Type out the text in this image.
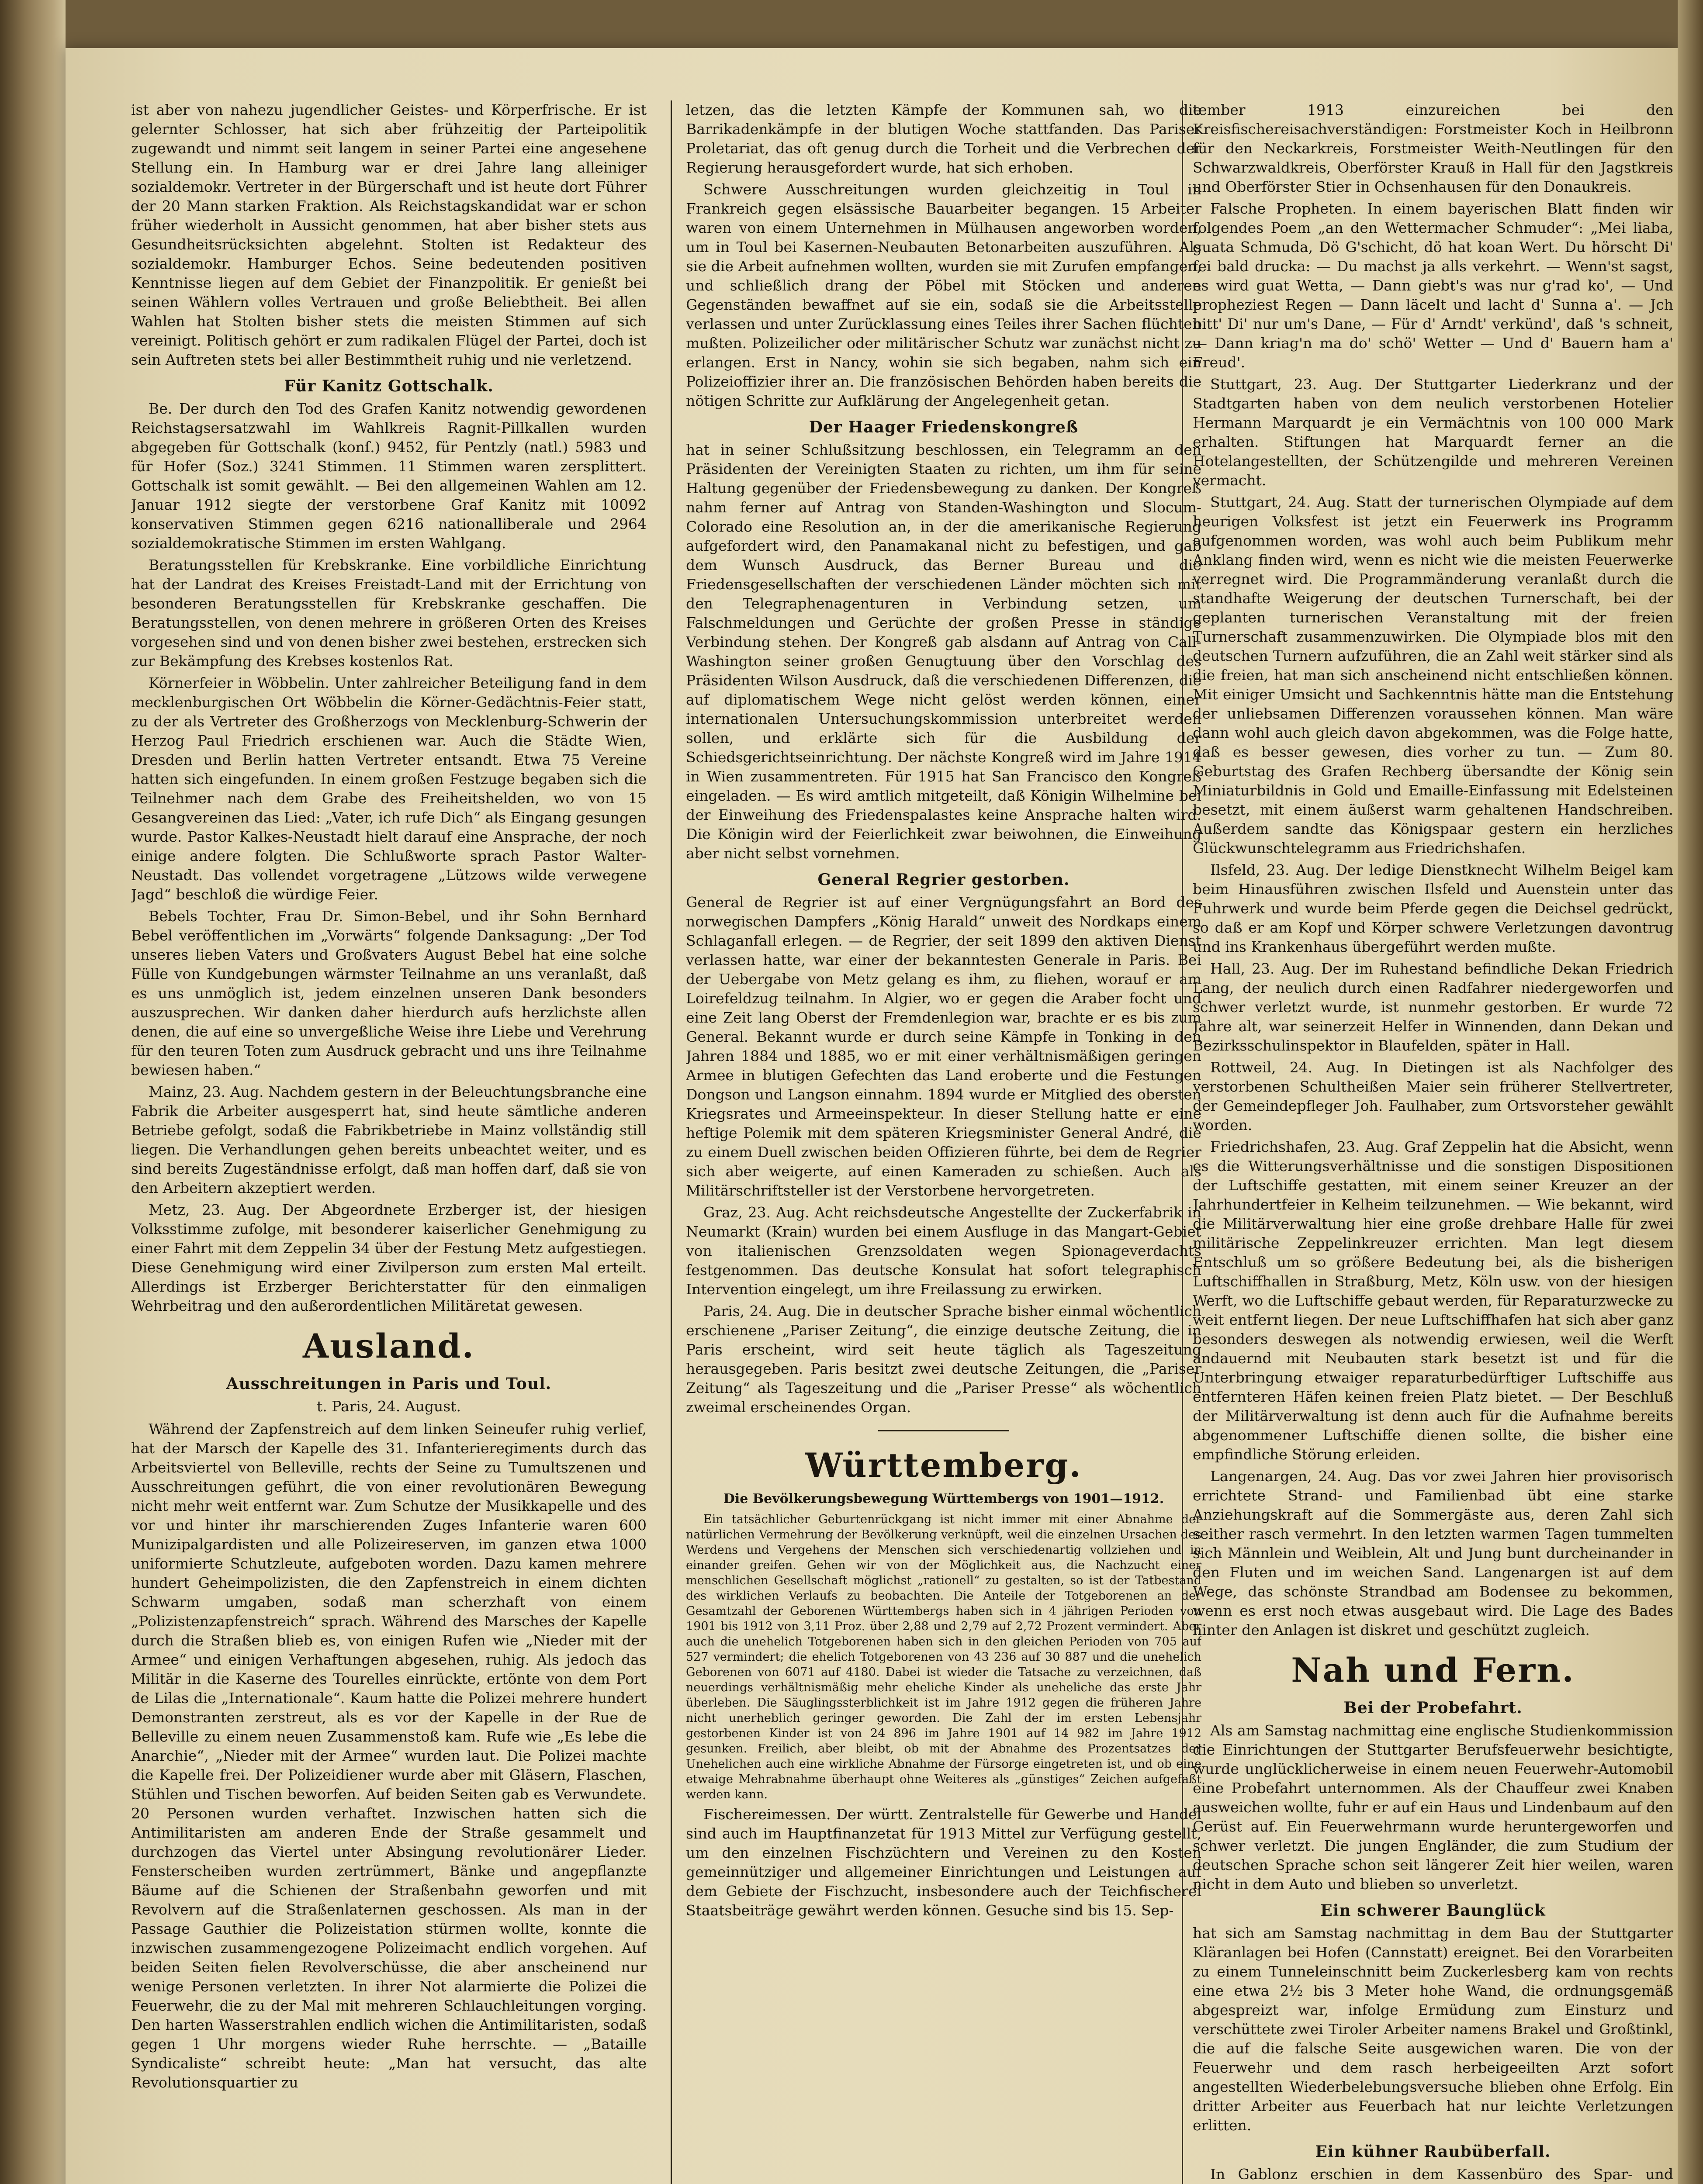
ist aber von nahezu jugendlicher Geistes- und Körperfrische. Er ist gelernter Schlosser, hat sich aber frühzeitig der Parteipolitik zugewandt und nimmt seit langem in seiner Partei eine angesehene Stellung ein. In Hamburg war er drei Jahre lang alleiniger sozialdemokr. Vertreter in der Bürgerschaft und ist heute dort Führer der 20 Mann starken Fraktion. Als Reichstagskandidat war er schon früher wiederholt in Aussicht genommen, hat aber bisher stets aus Gesundheitsrücksichten abgelehnt. Stolten ist Redakteur des sozialdemokr. Hamburger Echos. Seine bedeutenden positiven Kenntnisse liegen auf dem Gebiet der Finanzpolitik. Er genießt bei seinen Wählern volles Vertrauen und große Beliebtheit. Bei allen Wahlen hat Stolten bisher stets die meisten Stimmen auf sich vereinigt. Politisch gehört er zum radikalen Flügel der Partei, doch ist sein Auftreten stets bei aller Bestimmtheit ruhig und nie verletzend.

Für Kanitz Gottschalk.

Be. Der durch den Tod des Grafen Kanitz notwendig gewordenen Reichstagsersatzwahl im Wahlkreis Ragnit-Pillkallen wurden abgegeben für Gottschalk (konſ.) 9452, für Pentzly (natl.) 5983 und für Hofer (Soz.) 3241 Stimmen. 11 Stimmen waren zersplittert. Gottschalk ist somit gewählt. — Bei den allgemeinen Wahlen am 12. Januar 1912 siegte der verstorbene Graf Kanitz mit 10092 konservativen Stimmen gegen 6216 nationalliberale und 2964 sozialdemokratische Stimmen im ersten Wahlgang.

Beratungsstellen für Krebskranke. Eine vorbildliche Einrichtung hat der Landrat des Kreises Freistadt-Land mit der Errichtung von besonderen Beratungsstellen für Krebskranke geschaffen. Die Beratungsstellen, von denen mehrere in größeren Orten des Kreises vorgesehen sind und von denen bisher zwei bestehen, erstrecken sich zur Bekämpfung des Krebses kostenlos Rat.

Körnerfeier in Wöbbelin. Unter zahlreicher Beteiligung fand in dem mecklenburgischen Ort Wöbbelin die Körner-Gedächtnis-Feier statt, zu der als Vertreter des Großherzogs von Mecklenburg-Schwerin der Herzog Paul Friedrich erschienen war. Auch die Städte Wien, Dresden und Berlin hatten Vertreter entsandt. Etwa 75 Vereine hatten sich eingefunden. In einem großen Festzuge begaben sich die Teilnehmer nach dem Grabe des Freiheitshelden, wo von 15 Gesangvereinen das Lied: „Vater, ich rufe Dich“ als Eingang gesungen wurde. Pastor Kalkes-Neustadt hielt darauf eine Ansprache, der noch einige andere folgten. Die Schlußworte sprach Pastor Walter-Neustadt. Das vollendet vorgetragene „Lützows wilde verwegene Jagd“ beschloß die würdige Feier.

Bebels Tochter, Frau Dr. Simon-Bebel, und ihr Sohn Bernhard Bebel veröffentlichen im „Vorwärts“ folgende Danksagung: „Der Tod unseres lieben Vaters und Großvaters August Bebel hat eine solche Fülle von Kundgebungen wärmster Teilnahme an uns veranlaßt, daß es uns unmöglich ist, jedem einzelnen unseren Dank besonders auszusprechen. Wir danken daher hierdurch aufs herzlichste allen denen, die auf eine so unvergeßliche Weise ihre Liebe und Verehrung für den teuren Toten zum Ausdruck gebracht und uns ihre Teilnahme bewiesen haben.“

Mainz, 23. Aug. Nachdem gestern in der Beleuchtungsbranche eine Fabrik die Arbeiter ausgesperrt hat, sind heute sämtliche anderen Betriebe gefolgt, sodaß die Fabrikbetriebe in Mainz vollständig still liegen. Die Verhandlungen gehen bereits unbeachtet weiter, und es sind bereits Zugeständnisse erfolgt, daß man hoffen darf, daß sie von den Arbeitern akzeptiert werden.

Metz, 23. Aug. Der Abgeordnete Erzberger ist, der hiesigen Volksstimme zufolge, mit besonderer kaiserlicher Genehmigung zu einer Fahrt mit dem Zeppelin 34 über der Festung Metz aufgestiegen. Diese Genehmigung wird einer Zivilperson zum ersten Mal erteilt. Allerdings ist Erzberger Berichterstatter für den einmaligen Wehrbeitrag und den außerordentlichen Militäretat gewesen.

Ausland.
Ausschreitungen in Paris und Toul.
t. Paris, 24. August.

Während der Zapfenstreich auf dem linken Seineufer ruhig verlief, hat der Marsch der Kapelle des 31. Infanterieregiments durch das Arbeitsviertel von Belleville, rechts der Seine zu Tumultszenen und Ausschreitungen geführt, die von einer revolutionären Bewegung nicht mehr weit entfernt war. Zum Schutze der Musikkapelle und des vor und hinter ihr marschierenden Zuges Infanterie waren 600 Munizipalgardisten und alle Polizeireserven, im ganzen etwa 1000 uniformierte Schutzleute, aufgeboten worden. Dazu kamen mehrere hundert Geheimpolizisten, die den Zapfenstreich in einem dichten Schwarm umgaben, sodaß man scherzhaft von einem „Polizistenzapfenstreich“ sprach. Während des Marsches der Kapelle durch die Straßen blieb es, von einigen Rufen wie „Nieder mit der Armee“ und einigen Verhaftungen abgesehen, ruhig. Als jedoch das Militär in die Kaserne des Tourelles einrückte, ertönte von dem Port de Lilas die „Internationale“. Kaum hatte die Polizei mehrere hundert Demonstranten zerstreut, als es vor der Kapelle in der Rue de Belleville zu einem neuen Zusammenstoß kam. Rufe wie „Es lebe die Anarchie“, „Nieder mit der Armee“ wurden laut. Die Polizei machte die Kapelle frei. Der Polizeidiener wurde aber mit Gläsern, Flaschen, Stühlen und Tischen beworfen. Auf beiden Seiten gab es Verwundete. 20 Personen wurden verhaftet. Inzwischen hatten sich die Antimilitaristen am anderen Ende der Straße gesammelt und durchzogen das Viertel unter Absingung revolutionärer Lieder. Fensterscheiben wurden zertrümmert, Bänke und angepflanzte Bäume auf die Schienen der Straßenbahn geworfen und mit Revolvern auf die Straßenlaternen geschossen. Als man in der Passage Gauthier die Polizeistation stürmen wollte, konnte die inzwischen zusammengezogene Polizeimacht endlich vorgehen. Auf beiden Seiten fielen Revolverschüsse, die aber anscheinend nur wenige Personen verletzten. In ihrer Not alarmierte die Polizei die Feuerwehr, die zu der Mal mit mehreren Schlauchleitungen vorging. Den harten Wasserstrahlen endlich wichen die Antimilitaristen, sodaß gegen 1 Uhr morgens wieder Ruhe herrschte. — „Bataille Syndicaliste“ schreibt heute: „Man hat versucht, das alte Revolutionsquartier zu

letzen, das die letzten Kämpfe der Kommunen sah, wo die Barrikadenkämpfe in der blutigen Woche stattfanden. Das Pariser Proletariat, das oft genug durch die Torheit und die Verbrechen der Regierung herausgefordert wurde, hat sich erhoben.

Schwere Ausschreitungen wurden gleichzeitig in Toul in Frankreich gegen elsässische Bauarbeiter begangen. 15 Arbeiter waren von einem Unternehmen in Mülhausen angeworben worden, um in Toul bei Kasernen-Neubauten Betonarbeiten auszuführen. Als sie die Arbeit aufnehmen wollten, wurden sie mit Zurufen empfangen, und schließlich drang der Pöbel mit Stöcken und anderen Gegenständen bewaffnet auf sie ein, sodaß sie die Arbeitsstelle verlassen und unter Zurücklassung eines Teiles ihrer Sachen flüchten mußten. Polizeilicher oder militärischer Schutz war zunächst nicht zu erlangen. Erst in Nancy, wohin sie sich begaben, nahm sich ein Polizeioffizier ihrer an. Die französischen Behörden haben bereits die nötigen Schritte zur Aufklärung der Angelegenheit getan.

Der Haager Friedenskongreß

hat in seiner Schlußsitzung beschlossen, ein Telegramm an den Präsidenten der Vereinigten Staaten zu richten, um ihm für seine Haltung gegenüber der Friedensbewegung zu danken. Der Kongreß nahm ferner auf Antrag von Standen-Washington und Slocum-Colorado eine Resolution an, in der die amerikanische Regierung aufgefordert wird, den Panamakanal nicht zu befestigen, und gab dem Wunsch Ausdruck, das Berner Bureau und die Friedensgesellschaften der verschiedenen Länder möchten sich mit den Telegraphenagenturen in Verbindung setzen, um Falschmeldungen und Gerüchte der großen Presse in ständige Verbindung stehen. Der Kongreß gab alsdann auf Antrag von Call-Washington seiner großen Genugtuung über den Vorschlag des Präsidenten Wilson Ausdruck, daß die verschiedenen Differenzen, die auf diplomatischem Wege nicht gelöst werden können, einer internationalen Untersuchungskommission unterbreitet werden sollen, und erklärte sich für die Ausbildung der Schiedsgerichtseinrichtung. Der nächste Kongreß wird im Jahre 1914 in Wien zusammentreten. Für 1915 hat San Francisco den Kongreß eingeladen. — Es wird amtlich mitgeteilt, daß Königin Wilhelmine bei der Einweihung des Friedenspalastes keine Ansprache halten wird. Die Königin wird der Feierlichkeit zwar beiwohnen, die Einweihung aber nicht selbst vornehmen.

General Regrier gestorben.

General de Regrier ist auf einer Vergnügungsfahrt an Bord des norwegischen Dampfers „König Harald“ unweit des Nordkaps einem Schlaganfall erlegen. — de Regrier, der seit 1899 den aktiven Dienst verlassen hatte, war einer der bekanntesten Generale in Paris. Bei der Uebergabe von Metz gelang es ihm, zu fliehen, worauf er am Loirefeldzug teilnahm. In Algier, wo er gegen die Araber focht und eine Zeit lang Oberst der Fremdenlegion war, brachte er es bis zum General. Bekannt wurde er durch seine Kämpfe in Tonking in den Jahren 1884 und 1885, wo er mit einer verhältnismäßigen geringen Armee in blutigen Gefechten das Land eroberte und die Festungen Dongson und Langson einnahm. 1894 wurde er Mitglied des obersten Kriegsrates und Armeeinspekteur. In dieser Stellung hatte er eine heftige Polemik mit dem späteren Kriegsminister General André, die zu einem Duell zwischen beiden Offizieren führte, bei dem de Regrier sich aber weigerte, auf einen Kameraden zu schießen. Auch als Militärschriftsteller ist der Verstorbene hervorgetreten.

Graz, 23. Aug. Acht reichsdeutsche Angestellte der Zuckerfabrik in Neumarkt (Krain) wurden bei einem Ausfluge in das Mangart-Gebiet von italienischen Grenzsoldaten wegen Spionageverdachts festgenommen. Das deutsche Konsulat hat sofort telegraphisch Intervention eingelegt, um ihre Freilassung zu erwirken.

Paris, 24. Aug. Die in deutscher Sprache bisher einmal wöchentlich erschienene „Pariser Zeitung“, die einzige deutsche Zeitung, die in Paris erscheint, wird seit heute täglich als Tageszeitung herausgegeben. Paris besitzt zwei deutsche Zeitungen, die „Pariser Zeitung“ als Tageszeitung und die „Pariser Presse“ als wöchentlich zweimal erscheinendes Organ.

Württemberg.
Die Bevölkerungsbewegung Württembergs von 1901—1912.

Ein tatsächlicher Geburtenrückgang ist nicht immer mit einer Abnahme der natürlichen Vermehrung der Bevölkerung verknüpft, weil die einzelnen Ursachen des Werdens und Vergehens der Menschen sich verschiedenartig vollziehen und in einander greifen. Gehen wir von der Möglichkeit aus, die Nachzucht einer menschlichen Gesellschaft möglichst „rationell“ zu gestalten, so ist der Tatbestand des wirklichen Verlaufs zu beobachten. Die Anteile der Totgeborenen an der Gesamtzahl der Geborenen Württembergs haben sich in 4 jährigen Perioden von 1901 bis 1912 von 3,11 Proz. über 2,88 und 2,79 auf 2,72 Prozent vermindert. Aber auch die unehelich Totgeborenen haben sich in den gleichen Perioden von 705 auf 527 vermindert; die ehelich Totgeborenen von 43 236 auf 30 887 und die unehelich Geborenen von 6071 auf 4180. Dabei ist wieder die Tatsache zu verzeichnen, daß neuerdings verhältnismäßig mehr eheliche Kinder als uneheliche das erste Jahr überleben. Die Säuglingssterblichkeit ist im Jahre 1912 gegen die früheren Jahre nicht unerheblich geringer geworden. Die Zahl der im ersten Lebensjahr gestorbenen Kinder ist von 24 896 im Jahre 1901 auf 14 982 im Jahre 1912 gesunken. Freilich, aber bleibt, ob mit der Abnahme des Prozentsatzes der Unehelichen auch eine wirkliche Abnahme der Fürsorge eingetreten ist, und ob eine etwaige Mehrabnahme überhaupt ohne Weiteres als „günstiges“ Zeichen aufgefaßt werden kann.

Fischereimessen. Der württ. Zentralstelle für Gewerbe und Handel sind auch im Hauptfinanzetat für 1913 Mittel zur Verfügung gestellt, um den einzelnen Fischzüchtern und Vereinen zu den Kosten gemeinnütziger und allgemeiner Einrichtungen und Leistungen auf dem Gebiete der Fischzucht, insbesondere auch der Teichfischerei Staatsbeiträge gewährt werden können. Gesuche sind bis 15. Sep-

tember 1913 einzureichen bei den Kreisfischereisachverständigen: Forstmeister Koch in Heilbronn für den Neckarkreis, Forstmeister Weith-Neutlingen für den Schwarzwaldkreis, Oberförster Krauß in Hall für den Jagstkreis und Oberförster Stier in Ochsenhausen für den Donaukreis.

Falsche Propheten. In einem bayerischen Blatt finden wir folgendes Poem „an den Wettermacher Schmuder“: „Mei liaba, guata Schmuda, Dö G'schicht, dö hat koan Wert. Du hörscht Di' fei bald drucka: — Du machst ja alls verkehrt. — Wenn'st sagst, es wird guat Wetta, — Dann giebt's was nur g'rad ko', — Und propheziest Regen — Dann läcelt und lacht d' Sunna a'. — Jch bitt' Di' nur um's Dane, — Für d' Arndt' verkünd', daß 's schneit, — Dann kriag'n ma do' schö' Wetter — Und d' Bauern ham a' Freud'.

Stuttgart, 23. Aug. Der Stuttgarter Liederkranz und der Stadtgarten haben von dem neulich verstorbenen Hotelier Hermann Marquardt je ein Vermächtnis von 100 000 Mark erhalten. Stiftungen hat Marquardt ferner an die Hotelangestellten, der Schützengilde und mehreren Vereinen vermacht.

Stuttgart, 24. Aug. Statt der turnerischen Olympiade auf dem heurigen Volksfest ist jetzt ein Feuerwerk ins Programm aufgenommen worden, was wohl auch beim Publikum mehr Anklang finden wird, wenn es nicht wie die meisten Feuerwerke verregnet wird. Die Programmänderung veranlaßt durch die standhafte Weigerung der deutschen Turnerschaft, bei der geplanten turnerischen Veranstaltung mit der freien Turnerschaft zusammenzuwirken. Die Olympiade blos mit den deutschen Turnern aufzuführen, die an Zahl weit stärker sind als die freien, hat man sich anscheinend nicht entschließen können. Mit einiger Umsicht und Sachkenntnis hätte man die Entstehung der unliebsamen Differenzen voraussehen können. Man wäre dann wohl auch gleich davon abgekommen, was die Folge hatte, daß es besser gewesen, dies vorher zu tun. — Zum 80. Geburtstag des Grafen Rechberg übersandte der König sein Miniaturbildnis in Gold und Emaille-Einfassung mit Edelsteinen besetzt, mit einem äußerst warm gehaltenen Handschreiben. Außerdem sandte das Königspaar gestern ein herzliches Glückwunschtelegramm aus Friedrichshafen.

Ilsfeld, 23. Aug. Der ledige Dienstknecht Wilhelm Beigel kam beim Hinausführen zwischen Ilsfeld und Auenstein unter das Fuhrwerk und wurde beim Pferde gegen die Deichsel gedrückt, so daß er am Kopf und Körper schwere Verletzungen davontrug und ins Krankenhaus übergeführt werden mußte.

Hall, 23. Aug. Der im Ruhestand befindliche Dekan Friedrich Lang, der neulich durch einen Radfahrer niedergeworfen und schwer verletzt wurde, ist nunmehr gestorben. Er wurde 72 Jahre alt, war seinerzeit Helfer in Winnenden, dann Dekan und Bezirksschulinspektor in Blaufelden, später in Hall.

Rottweil, 24. Aug. In Dietingen ist als Nachfolger des verstorbenen Schultheißen Maier sein früherer Stellvertreter, der Gemeindepfleger Joh. Faulhaber, zum Ortsvorsteher gewählt worden.

Friedrichshafen, 23. Aug. Graf Zeppelin hat die Absicht, wenn es die Witterungsverhältnisse und die sonstigen Dispositionen der Luftschiffe gestatten, mit einem seiner Kreuzer an der Jahrhundertfeier in Kelheim teilzunehmen. — Wie bekannt, wird die Militärverwaltung hier eine große drehbare Halle für zwei militärische Zeppelinkreuzer errichten. Man legt diesem Entschluß um so größere Bedeutung bei, als die bisherigen Luftschiffhallen in Straßburg, Metz, Köln usw. von der hiesigen Werft, wo die Luftschiffe gebaut werden, für Reparaturzwecke zu weit entfernt liegen. Der neue Luftschiffhafen hat sich aber ganz besonders deswegen als notwendig erwiesen, weil die Werft andauernd mit Neubauten stark besetzt ist und für die Unterbringung etwaiger reparaturbedürftiger Luftschiffe aus entfernteren Häfen keinen freien Platz bietet. — Der Beschluß der Militärverwaltung ist denn auch für die Aufnahme bereits abgenommener Luftschiffe dienen sollte, die bisher eine empfindliche Störung erleiden.

Langenargen, 24. Aug. Das vor zwei Jahren hier provisorisch errichtete Strand- und Familienbad übt eine starke Anziehungskraft auf die Sommergäste aus, deren Zahl sich seither rasch vermehrt. In den letzten warmen Tagen tummelten sich Männlein und Weiblein, Alt und Jung bunt durcheinander in den Fluten und im weichen Sand. Langenargen ist auf dem Wege, das schönste Strandbad am Bodensee zu bekommen, wenn es erst noch etwas ausgebaut wird. Die Lage des Bades hinter den Anlagen ist diskret und geschützt zugleich.

Nah und Fern.
Bei der Probefahrt.

Als am Samstag nachmittag eine englische Studienkommission die Einrichtungen der Stuttgarter Berufsfeuerwehr besichtigte, wurde unglücklicherweise in einem neuen Feuerwehr-Automobil eine Probefahrt unternommen. Als der Chauffeur zwei Knaben ausweichen wollte, fuhr er auf ein Haus und Lindenbaum auf den Gerüst auf. Ein Feuerwehrmann wurde heruntergeworfen und schwer verletzt. Die jungen Engländer, die zum Studium der deutschen Sprache schon seit längerer Zeit hier weilen, waren nicht in dem Auto und blieben so unverletzt.

Ein schwerer Baunglück

hat sich am Samstag nachmittag in dem Bau der Stuttgarter Kläranlagen bei Hofen (Cannstatt) ereignet. Bei den Vorarbeiten zu einem Tunneleinschnitt beim Zuckerlesberg kam von rechts eine etwa 2½ bis 3 Meter hohe Wand, die ordnungsgemäß abgespreizt war, infolge Ermüdung zum Einsturz und verschüttete zwei Tiroler Arbeiter namens Brakel und Großtinkl, die auf die falsche Seite ausgewichen waren. Die von der Feuerwehr und dem rasch herbeigeeilten Arzt sofort angestellten Wiederbelebungsversuche blieben ohne Erfolg. Ein dritter Arbeiter aus Feuerbach hat nur leichte Verletzungen erlitten.

Ein kühner Raubüberfall.

In Gablonz erschien in dem Kassenbüro des Spar- und
